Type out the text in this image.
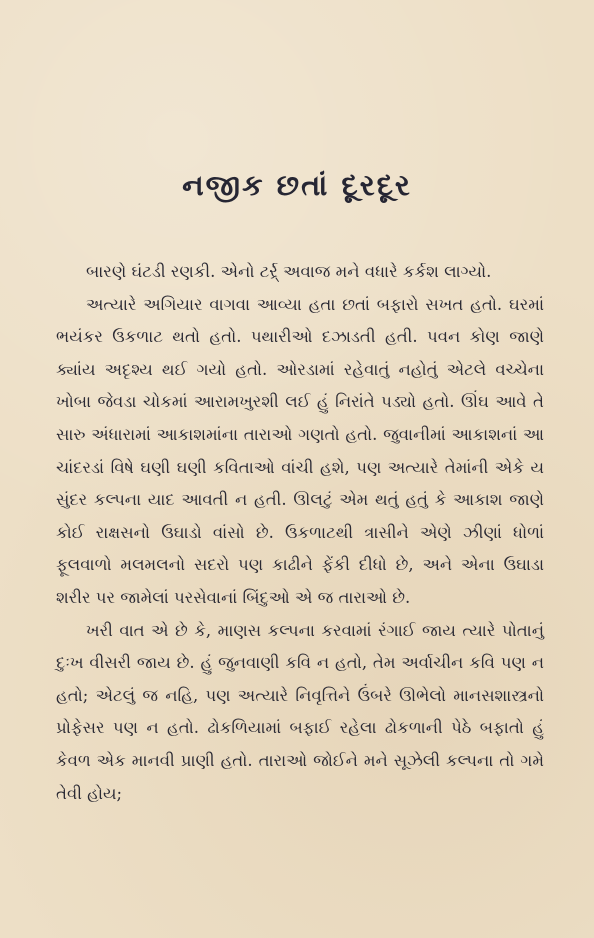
નજીક છતાં દૂરદૂર

બારણે ઘંટડી રણકી. એનો ટર્ર્ર્ અવાજ મને વધારે કર્કશ લાગ્યો.

અત્યારે અગિયાર વાગવા આવ્યા હતા છતાં બફારો સખત હતો. ઘરમાં ભયંકર ઉકળાટ થતો હતો. પથારીઓ દઝાડતી હતી. પવન કોણ જાણે ક્યાંય અદૃશ્ય થઈ ગયો હતો. ઓરડામાં રહેવાતું નહોતું એટલે વચ્ચેના ખોબા જેવડા ચોકમાં આરામખુરશી લઈ હું નિરાંતે પડ્યો હતો. ઊંઘ આવે તે સારુ અંધારામાં આકાશમાંના તારાઓ ગણતો હતો. જુવાનીમાં આકાશનાં આ ચાંદરડાં વિષે ઘણી ઘણી કવિતાઓ વાંચી હશે, પણ અત્યારે તેમાંની એકે ય સુંદર કલ્પના યાદ આવતી ન હતી. ઊલટું એમ થતું હતું કે આકાશ જાણે કોઈ રાક્ષસનો ઉઘાડો વાંસો છે. ઉકળાટથી ત્રાસીને એણે ઝીણાં ધોળાં ફૂલવાળો મલમલનો સદરો પણ કાઢીને ફેંકી દીધો છે, અને એના ઉઘાડા શરીર પર જામેલાં પરસેવાનાં બિંદુઓ એ જ તારાઓ છે.

ખરી વાત એ છે કે, માણસ કલ્પના કરવામાં રંગાઈ જાય ત્યારે પોતાનું દુઃખ વીસરી જાય છે. હું જુનવાણી કવિ ન હતો, તેમ અર્વાચીન કવિ પણ ન હતો; એટલું જ નહિ, પણ અત્યારે નિવૃત્તિને ઉંબરે ઊભેલો માનસશાસ્ત્રનો પ્રોફેસર પણ ન હતો. ઢોકળિયામાં બફાઈ રહેલા ઢોકળાની પેઠે બફાતો હું કેવળ એક માનવી પ્રાણી હતો. તારાઓ જોઈને મને સૂઝેલી કલ્પના તો ગમે તેવી હોય;
